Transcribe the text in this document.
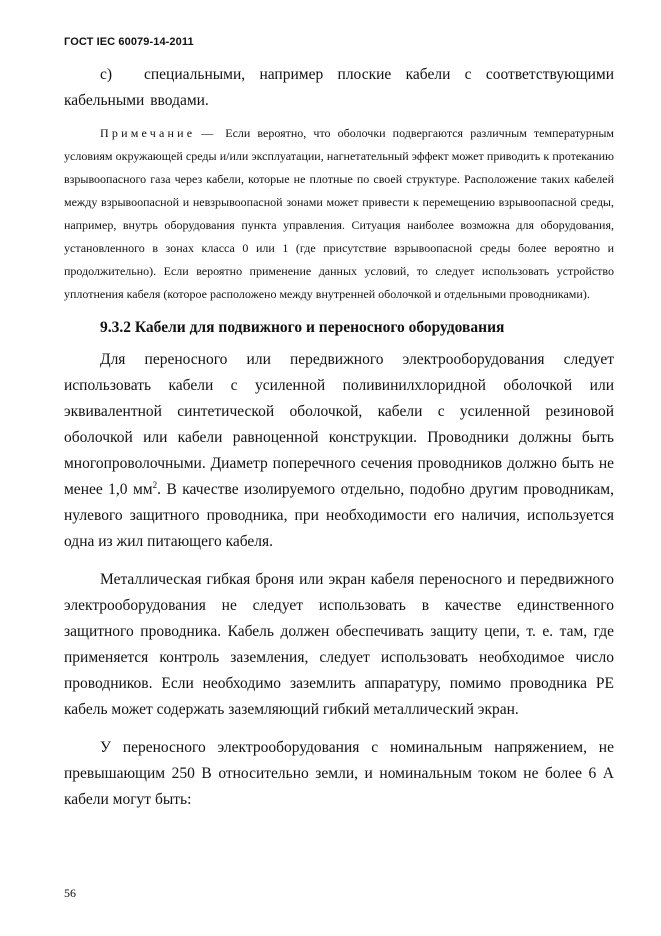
ГОСТ IEC 60079-14-2011

c) специальными, например плоские кабели с соответствующими кабельными вводами.

Примечание — Если вероятно, что оболочки подвергаются различным температурным условиям окружающей среды и/или эксплуатации, нагнетательный эффект может приводить к протеканию взрывоопасного газа через кабели, которые не плотные по своей структуре. Расположение таких кабелей между взрывоопасной и невзрывоопасной зонами может привести к перемещению взрывоопасной среды, например, внутрь оборудования пункта управления. Ситуация наиболее возможна для оборудования, установленного в зонах класса 0 или 1 (где присутствие взрывоопасной среды более вероятно и продолжительно). Если вероятно применение данных условий, то следует использовать устройство уплотнения кабеля (которое расположено между внутренней оболочкой и отдельными проводниками).

9.3.2 Кабели для подвижного и переносного оборудования

Для переносного или передвижного электрооборудования следует использовать кабели с усиленной поливинилхлоридной оболочкой или эквивалентной синтетической оболочкой, кабели с усиленной резиновой оболочкой или кабели равноценной конструкции. Проводники должны быть многопроволочными. Диаметр поперечного сечения проводников должно быть не менее 1,0 $мм^2$. В качестве изолируемого отдельно, подобно другим проводникам, нулевого защитного проводника, при необходимости его наличия, используется одна из жил питающего кабеля.

Металлическая гибкая броня или экран кабеля переносного и передвижного электрооборудования не следует использовать в качестве единственного защитного проводника. Кабель должен обеспечивать защиту цепи, т. е. там, где применяется контроль заземления, следует использовать необходимое число проводников. Если необходимо заземлить аппаратуру, помимо проводника PE кабель может содержать заземляющий гибкий металлический экран.

У переносного электрооборудования с номинальным напряжением, не превышающим 250 В относительно земли, и номинальным током не более 6 А кабели могут быть:

56
